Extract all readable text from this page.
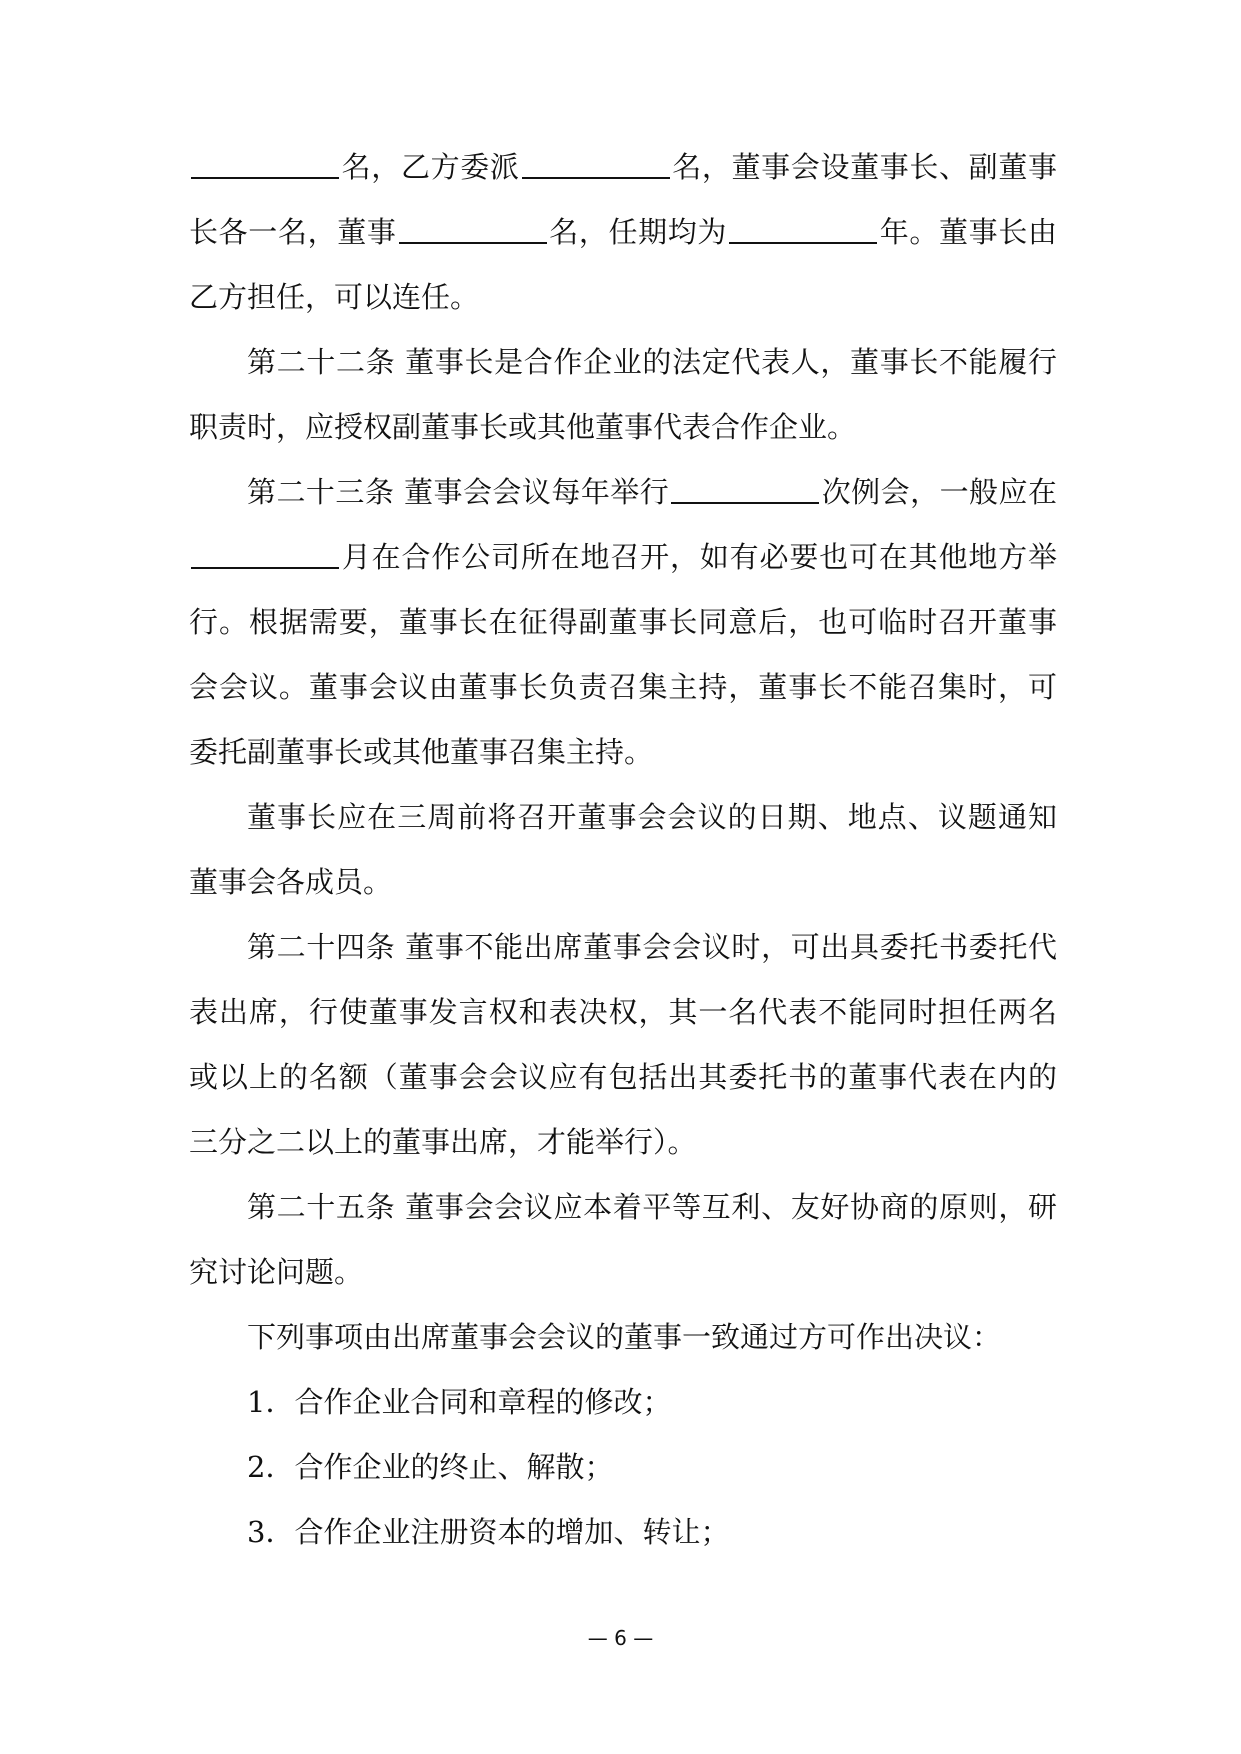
名，乙方委派	名，董事会设董事长、副董事长各一名，董事	名，任期均为	年。董事长由乙方担任，可以连任。

第二十二条 董事长是合作企业的法定代表人，董事长不能履行职责时，应授权副董事长或其他董事代表合作企业。

第二十三条 董事会会议每年举行	次例会，一般应在月在合作公司所在地召开，如有必要也可在其他地方举行。根据需要，董事长在征得副董事长同意后，也可临时召开董事会会议。董事会议由董事长负责召集主持，董事长不能召集时，可委托副董事长或其他董事召集主持。

董事长应在三周前将召开董事会会议的日期、地点、议题通知董事会各成员。

第二十四条 董事不能出席董事会会议时，可出具委托书委托代表出席，行使董事发言权和表决权，其一名代表不能同时担任两名或以上的名额（董事会会议应有包括出其委托书的董事代表在内的三分之二以上的董事出席，才能举行）。

第二十五条 董事会会议应本着平等互利、友好协商的原则，研究讨论问题。

下列事项由出席董事会会议的董事一致通过方可作出决议：

1．合作企业合同和章程的修改；

2．合作企业的终止、解散；

3．合作企业注册资本的增加、转让；

— 6 —
